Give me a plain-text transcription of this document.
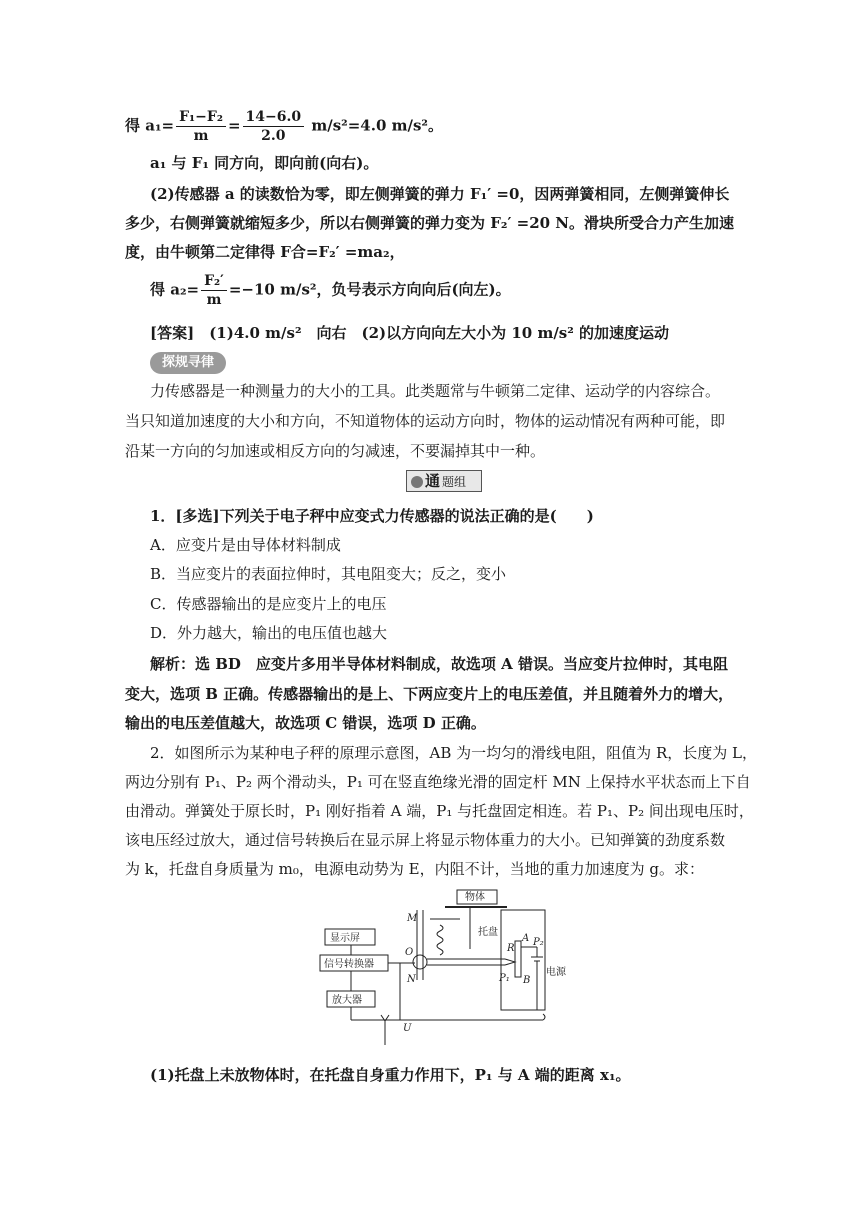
得 $a_1= \frac{\text{F₁−F₂}}{m} = \frac{14-6.0}{2.0} m/s^2=4.0$ m/s²。
a₁ 与 F₁ 同方向，即向前(向右)。
(2)传感器 a 的读数恰为零，即左侧弹簧的弹力 F₁′ =0，因两弹簧相同，左侧弹簧伸长
多少，右侧弹簧就缩短多少，所以右侧弹簧的弹力变为 F₂′ =20 N。滑块所受合力产生加速
度，由牛顿第二定律得 F合=F₂′ =ma₂，
得 $a_2= \frac{\text{F₂′}}{m} =-10$ m/s²，负号表示方向向后(向左)。
[答案]　(1)4.0 m/s²　向右　(2)以方向向左大小为 10 m/s² 的加速度运动
探规寻律
力传感器是一种测量力的大小的工具。此类题常与牛顿第二定律、运动学的内容综合。
当只知道加速度的大小和方向，不知道物体的运动方向时，物体的运动情况有两种可能，即
沿某一方向的匀加速或相反方向的匀减速，不要漏掉其中一种。
通 题组
1．[多选]下列关于电子秤中应变式力传感器的说法正确的是(　　)
A．应变片是由导体材料制成
B．当应变片的表面拉伸时，其电阻变大；反之，变小
C．传感器输出的是应变片上的电压
D．外力越大，输出的电压值也越大
解析：选 BD　应变片多用半导体材料制成，故选项 A 错误。当应变片拉伸时，其电阻
变大，选项 B 正确。传感器输出的是上、下两应变片上的电压差值，并且随着外力的增大，
输出的电压差值越大，故选项 C 错误，选项 D 正确。
2．如图所示为某种电子秤的原理示意图，AB 为一均匀的滑线电阻，阻值为 R，长度为 L，
两边分别有 P₁、P₂ 两个滑动头，P₁ 可在竖直绝缘光滑的固定杆 MN 上保持水平状态而上下自
由滑动。弹簧处于原长时，P₁ 刚好指着 A 端，P₁ 与托盘固定相连。若 P₁、P₂ 间出现电压时，
该电压经过放大，通过信号转换后在显示屏上将显示物体重力的大小。已知弹簧的劲度系数
为 k，托盘自身质量为 m₀，电源电动势为 E，内阻不计，当地的重力加速度为 g。求：
物体
托盘
显示屏
信号转换器
放大器
电源
M
N
O	R
A
B
P₁
P₂
U
(1)托盘上未放物体时，在托盘自身重力作用下，P₁ 与 A 端的距离 x₁。
